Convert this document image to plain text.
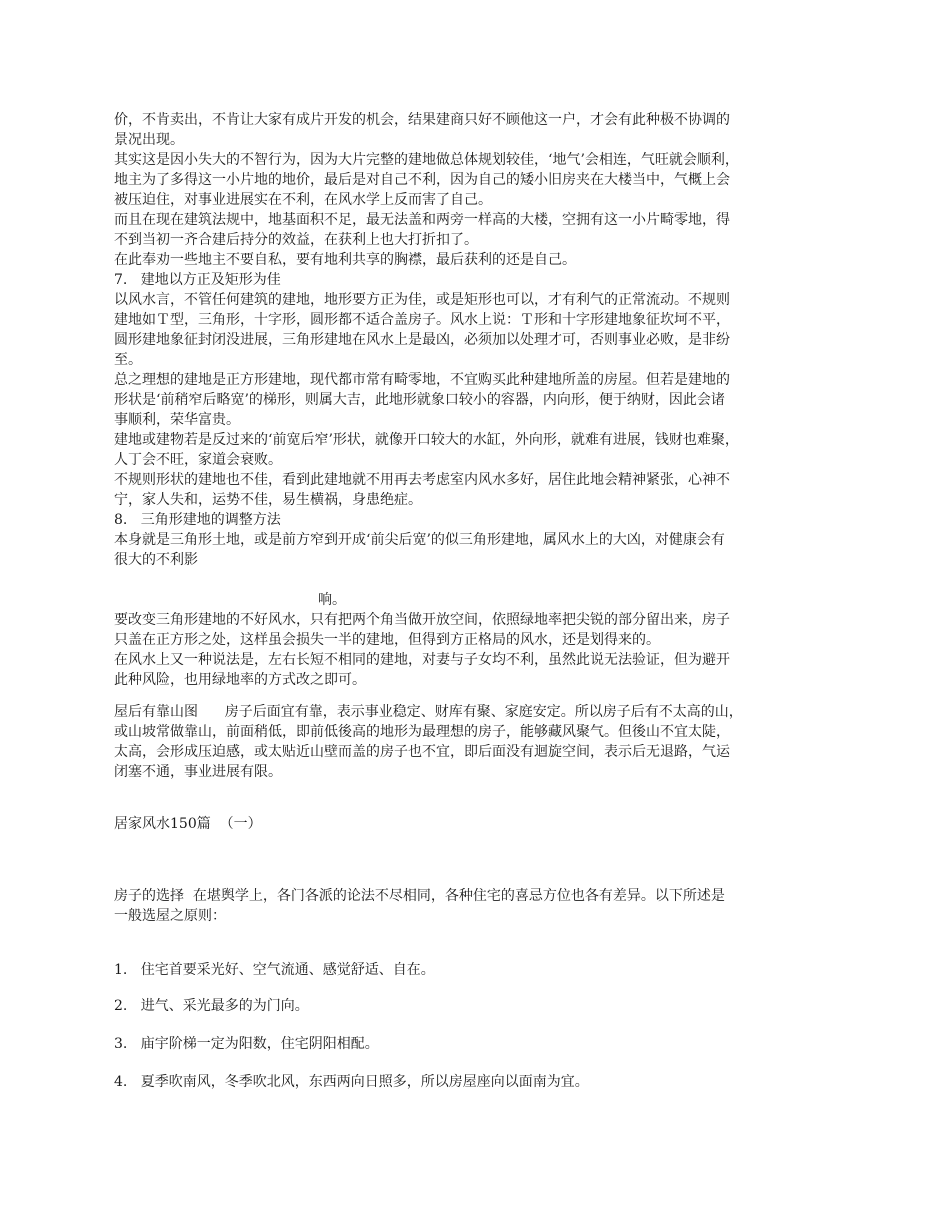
价，不肯卖出，不肯让大家有成片开发的机会，结果建商只好不顾他这一户，才会有此种极不协调的
景况出现。
其实这是因小失大的不智行为，因为大片完整的建地做总体规划较佳，‘地气’会相连，气旺就会顺利，
地主为了多得这一小片地的地价，最后是对自己不利，因为自己的矮小旧房夹在大楼当中，气概上会
被压迫住，对事业进展实在不利，在风水学上反而害了自己。
而且在现在建筑法规中，地基面积不足，最无法盖和两旁一样高的大楼，空拥有这一小片畸零地，得
不到当初一齐合建后持分的效益，在获利上也大打折扣了。
在此奉劝一些地主不要自私，要有地利共享的胸襟，最后获利的还是自己。
7.   建地以方正及矩形为佳
以风水言，不管任何建筑的建地，地形要方正为佳，或是矩形也可以，才有利气的正常流动。不规则
建地如Ｔ型，三角形，十字形，圆形都不适合盖房子。风水上说：Ｔ形和十字形建地象征坎坷不平，
圆形建地象征封闭没进展，三角形建地在风水上是最凶，必须加以处理才可，否则事业必败，是非纷
至。
总之理想的建地是正方形建地，现代都市常有畸零地，不宜购买此种建地所盖的房屋。但若是建地的
形状是‘前稍窄后略宽’的梯形，则属大吉，此地形就象口较小的容器，内向形，便于纳财，因此会诸
事顺利，荣华富贵。
建地或建物若是反过来的‘前宽后窄’形状，就像开口较大的水缸，外向形，就难有进展，钱财也难聚，
人丁会不旺，家道会衰败。
不规则形状的建地也不佳，看到此建地就不用再去考虑室内风水多好，居住此地会精神紧张，心神不
宁，家人失和，运势不佳，易生横祸，身患绝症。
8.   三角形建地的调整方法
本身就是三角形土地，或是前方窄到开成‘前尖后宽’的似三角形建地，属风水上的大凶，对健康会有
很大的不利影
响。
要改变三角形建地的不好风水，只有把两个角当做开放空间，依照绿地率把尖锐的部分留出来，房子
只盖在正方形之处，这样虽会损失一半的建地，但得到方正格局的风水，还是划得来的。
在风水上又一种说法是，左右长短不相同的建地，对妻与子女均不利，虽然此说无法验证，但为避开
此种风险，也用绿地率的方式改之即可。
屋后有靠山图      房子后面宜有靠，表示事业稳定、财库有聚、家庭安定。所以房子后有不太高的山，
或山坡常做靠山，前面稍低，即前低後高的地形为最理想的房子，能够藏风聚气。但後山不宜太陡，
太高，会形成压迫感，或太贴近山壁而盖的房子也不宜，即后面没有迴旋空间，表示后无退路，气运
闭塞不通，事业进展有限。
居家风水150篇  （一）
房子的选择  在堪舆学上，各门各派的论法不尽相同，各种住宅的喜忌方位也各有差异。以下所述是
一般选屋之原则：
1.   住宅首要采光好、空气流通、感觉舒适、自在。
2.   进气、采光最多的为门向。
3.   庙宇阶梯一定为阳数，住宅阴阳相配。
4.   夏季吹南风，冬季吹北风，东西两向日照多，所以房屋座向以面南为宜。
